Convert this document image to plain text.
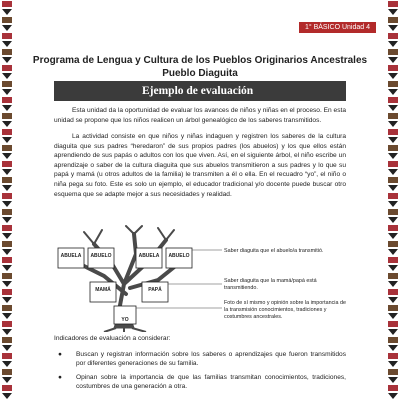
1° BÁSICO Unidad 4
Programa de Lengua y Cultura de los Pueblos Originarios Ancestrales
Pueblo Diaguita
Ejemplo de evaluación
Esta unidad da la oportunidad de evaluar los avances de niños y niñas en el proceso. En esta unidad se propone que los niños realicen un árbol genealógico de los saberes transmitidos.
La actividad consiste en que niños y niñas indaguen y registren los saberes de la cultura diaguita que sus padres “heredaron” de sus propios padres (los abuelos) y los que ellos están aprendiendo de sus papás o adultos con los que viven. Así, en el siguiente árbol, el niño escribe un aprendizaje o saber de la cultura diaguita que sus abuelos transmitieron a sus padres y lo que su papá y mamá (u otros adultos de la familia) le transmiten a él o ella. En el recuadro “yo”, el niño o niña pega su foto. Este es solo un ejemplo, el educador tradicional y/o docente puede buscar otro esquema que se adapte mejor a sus necesidades y realidad.
ABUELA ABUELO	ABUELA ABUELO
MAMÁ	PAPÁ
YO
Saber diaguita que el abuelo/a transmitió.
Saber diaguita que la mamá/papá está transmitiendo.
Foto de sí mismo y opinión sobre la importancia de la transmisión conocimientos, tradiciones y costumbres ancestrales.
Indicadores de evaluación a considerar:
● Buscan y registran información sobre los saberes o aprendizajes que fueron transmitidos por diferentes generaciones de su familia.
● Opinan sobre la importancia de que las familias transmitan conocimientos, tradiciones, costumbres de una generación a otra.
